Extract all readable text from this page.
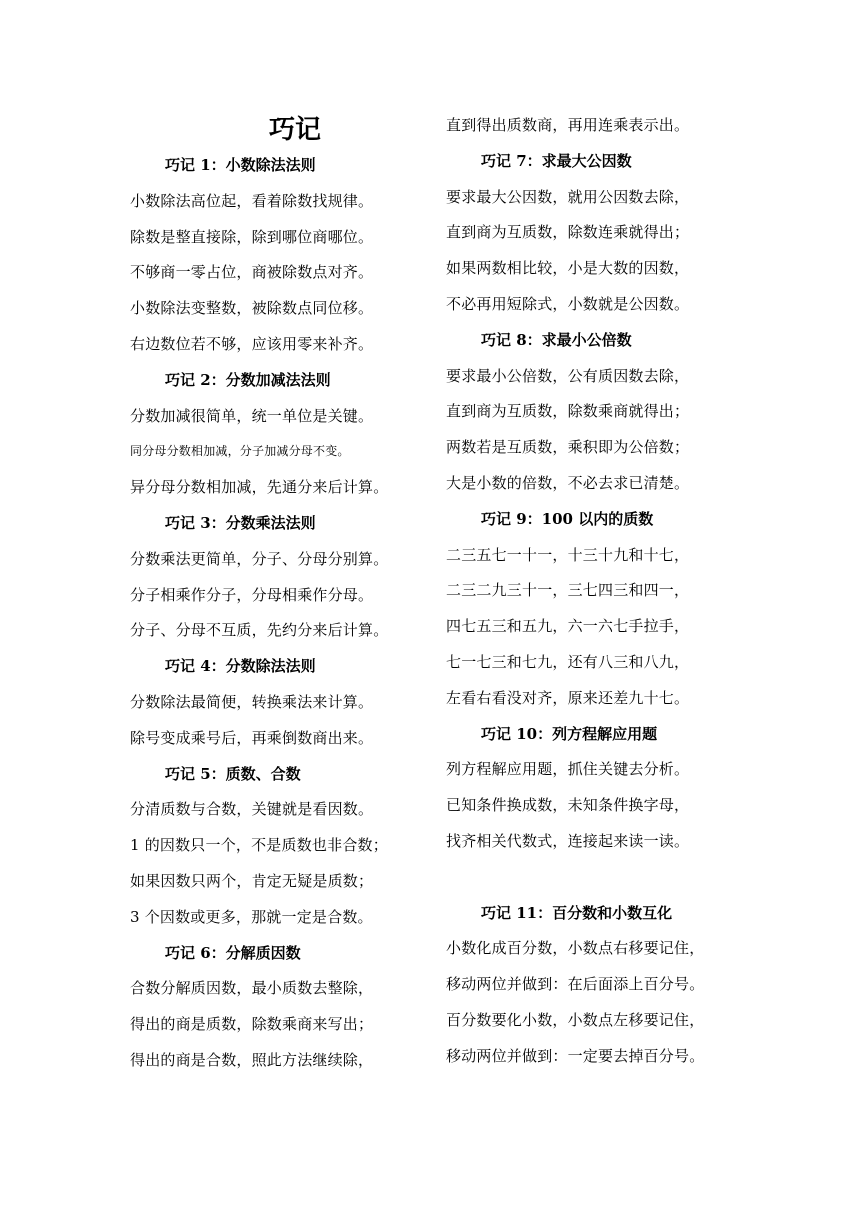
巧记
巧记 1：小数除法法则
小数除法高位起，看着除数找规律。
除数是整直接除，除到哪位商哪位。
不够商一零占位，商被除数点对齐。
小数除法变整数，被除数点同位移。
右边数位若不够，应该用零来补齐。
巧记 2：分数加减法法则
分数加减很简单，统一单位是关键。
同分母分数相加减，分子加减分母不变。
异分母分数相加减，先通分来后计算。
巧记 3：分数乘法法则
分数乘法更简单，分子、分母分别算。
分子相乘作分子，分母相乘作分母。
分子、分母不互质，先约分来后计算。
巧记 4：分数除法法则
分数除法最简便，转换乘法来计算。
除号变成乘号后，再乘倒数商出来。
巧记 5：质数、合数
分清质数与合数，关键就是看因数。
1 的因数只一个，不是质数也非合数；
如果因数只两个，肯定无疑是质数；
3 个因数或更多，那就一定是合数。
巧记 6：分解质因数
合数分解质因数，最小质数去整除，
得出的商是质数，除数乘商来写出；
得出的商是合数，照此方法继续除，
直到得出质数商，再用连乘表示出。
巧记 7：求最大公因数
要求最大公因数，就用公因数去除，
直到商为互质数，除数连乘就得出；
如果两数相比较，小是大数的因数，
不必再用短除式，小数就是公因数。
巧记 8：求最小公倍数
要求最小公倍数，公有质因数去除，
直到商为互质数，除数乘商就得出；
两数若是互质数，乘积即为公倍数；
大是小数的倍数，不必去求已清楚。
巧记 9：100 以内的质数
二三五七一十一，十三十九和十七，
二三二九三十一，三七四三和四一，
四七五三和五九，六一六七手拉手，
七一七三和七九，还有八三和八九，
左看右看没对齐，原来还差九十七。
巧记 10：列方程解应用题
列方程解应用题，抓住关键去分析。
已知条件换成数，未知条件换字母，
找齐相关代数式，连接起来读一读。
巧记 11：百分数和小数互化
小数化成百分数，小数点右移要记住，
移动两位并做到：在后面添上百分号。
百分数要化小数，小数点左移要记住，
移动两位并做到：一定要去掉百分号。
